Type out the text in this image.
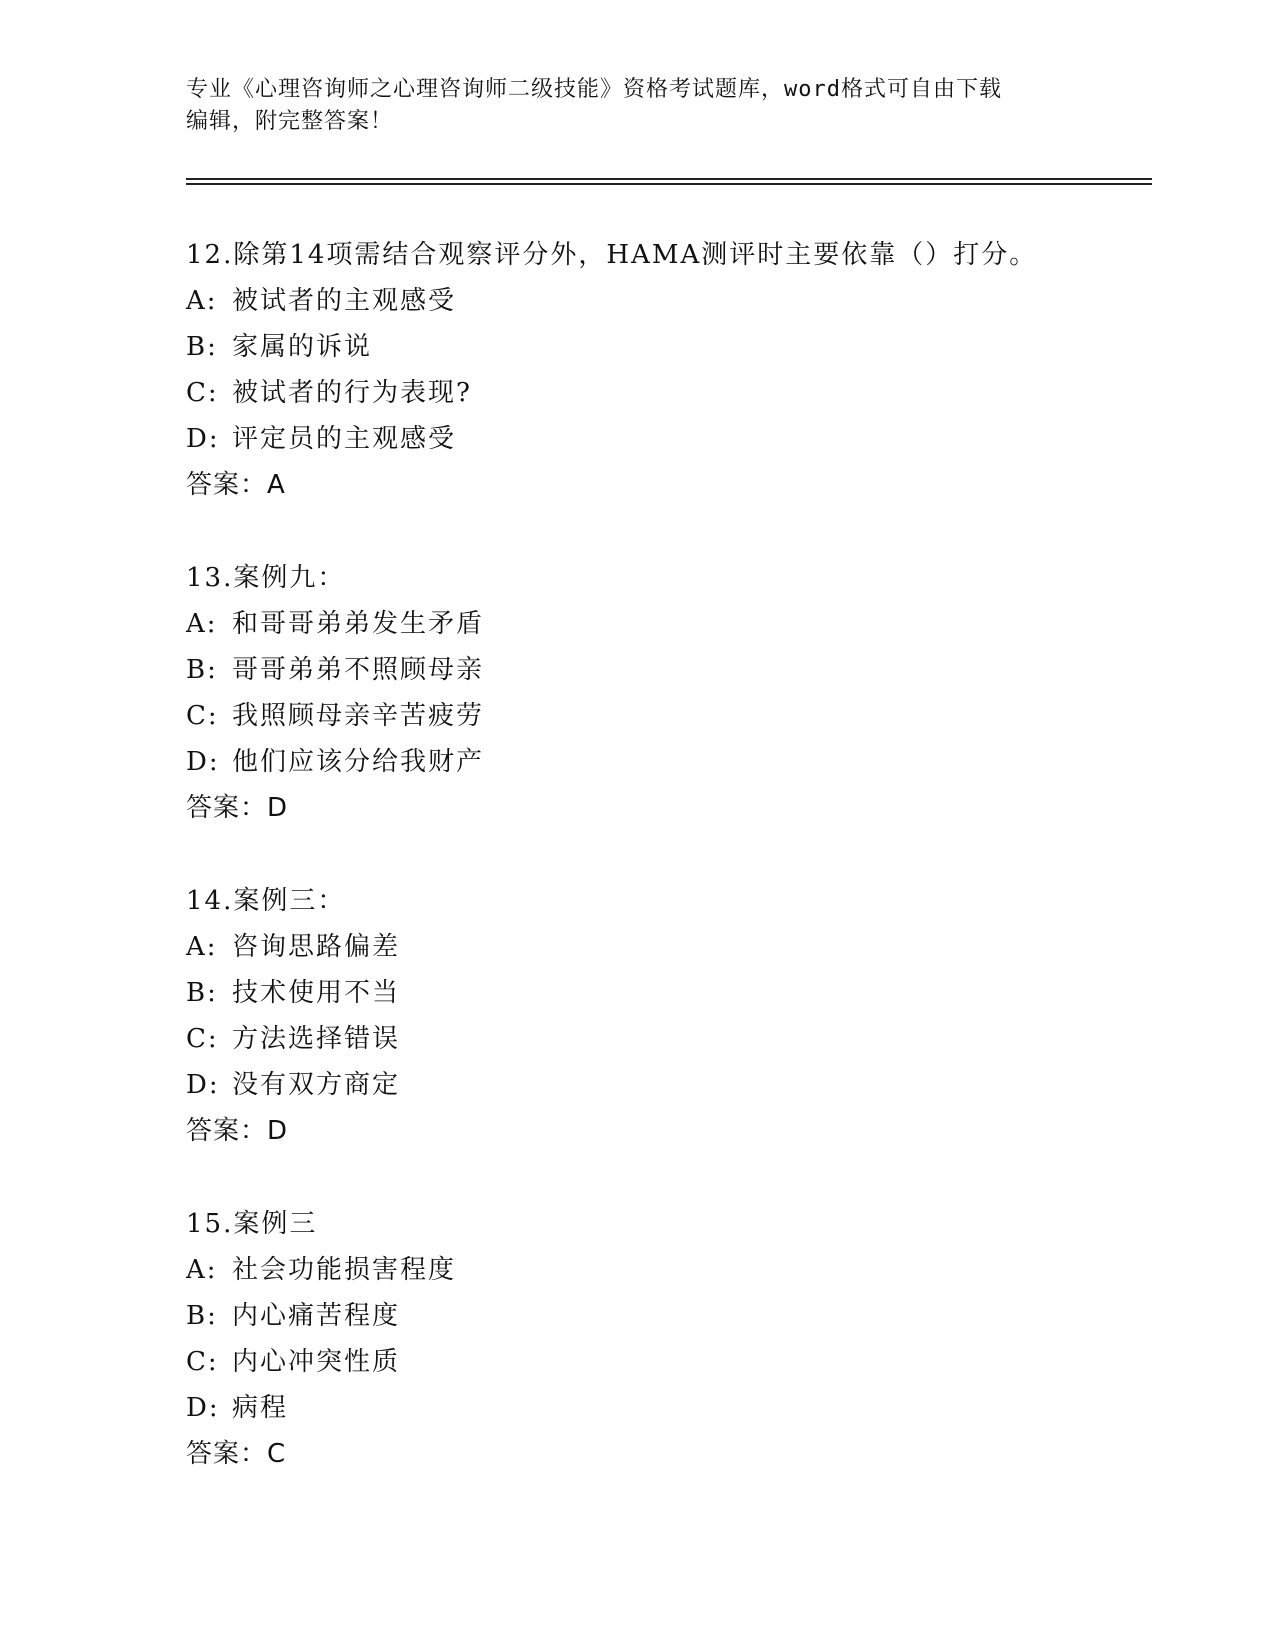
专业《心理咨询师之心理咨询师二级技能》资格考试题库，word格式可自由下载
编辑，附完整答案！
12.除第14项需结合观察评分外，HAMA测评时主要依靠（）打分。
A: 被试者的主观感受
B: 家属的诉说
C: 被试者的行为表现?
D: 评定员的主观感受
答案：A
13.案例九：
A: 和哥哥弟弟发生矛盾
B: 哥哥弟弟不照顾母亲
C: 我照顾母亲辛苦疲劳
D: 他们应该分给我财产
答案：D
14.案例三：
A: 咨询思路偏差
B: 技术使用不当
C: 方法选择错误
D: 没有双方商定
答案：D
15.案例三
A: 社会功能损害程度
B: 内心痛苦程度
C: 内心冲突性质
D: 病程
答案：C
